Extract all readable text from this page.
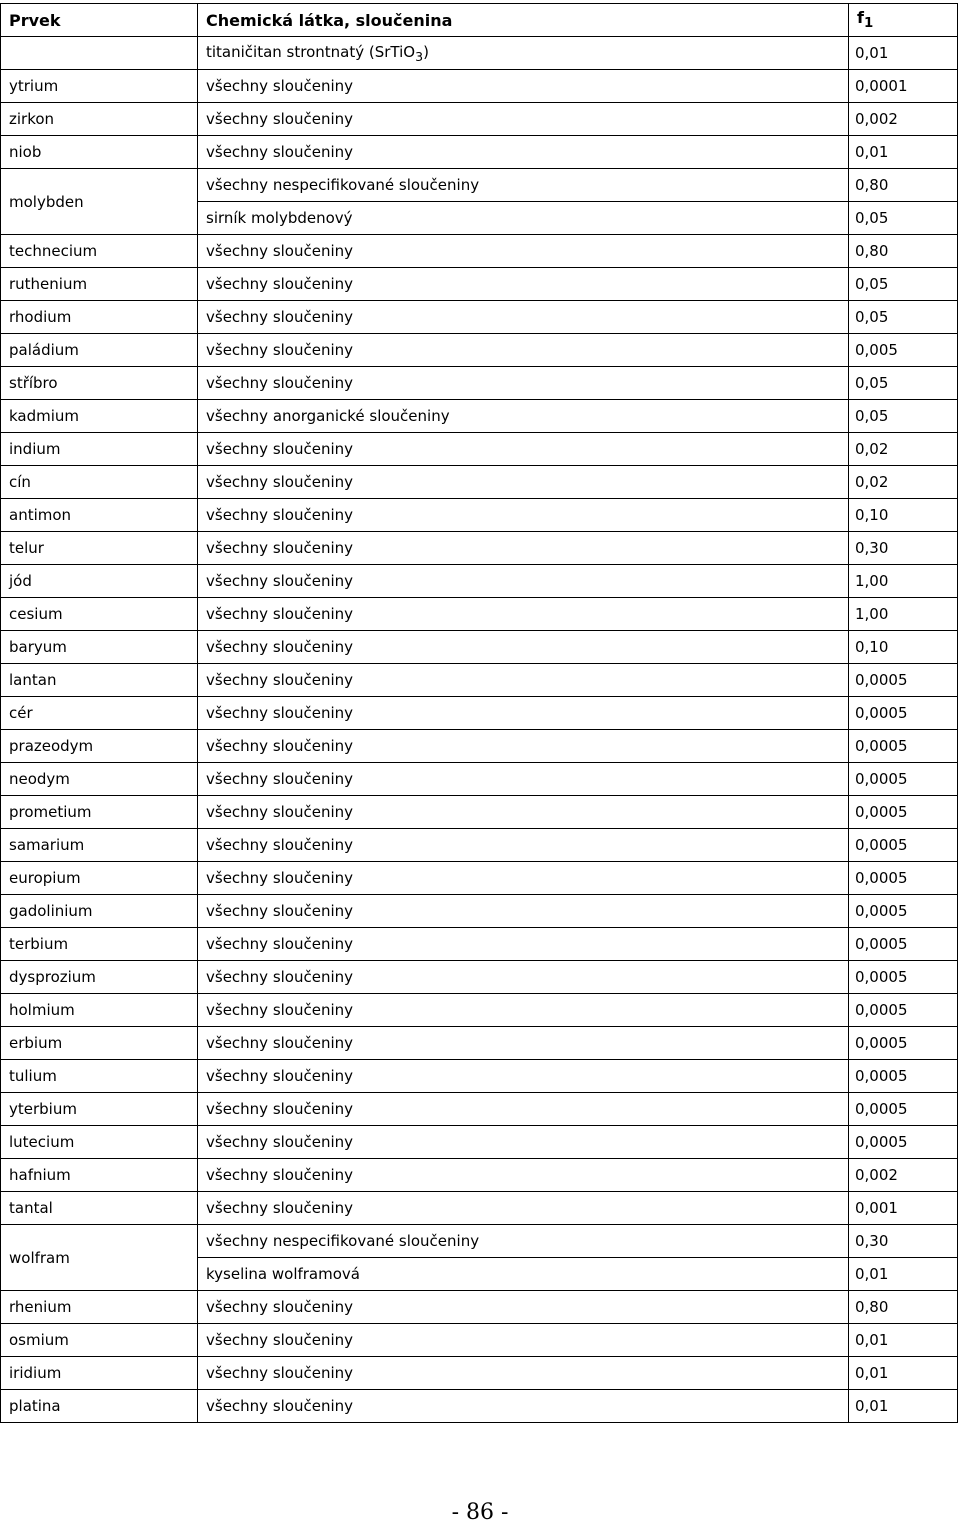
Prvek	Chemická látka, sloučenina	$f_1$
	titaničitan strontnatý (SrTiO$_3$)	0,01
ytrium	všechny sloučeniny	0,0001
zirkon	všechny sloučeniny	0,002
niob	všechny sloučeniny	0,01
molybden	všechny nespecifikované sloučeniny	0,80
	sirník molybdenový	0,05
technecium	všechny sloučeniny	0,80
ruthenium	všechny sloučeniny	0,05
rhodium	všechny sloučeniny	0,05
paládium	všechny sloučeniny	0,005
stříbro	všechny sloučeniny	0,05
kadmium	všechny anorganické sloučeniny	0,05
indium	všechny sloučeniny	0,02
cín	všechny sloučeniny	0,02
antimon	všechny sloučeniny	0,10
telur	všechny sloučeniny	0,30
jód	všechny sloučeniny	1,00
cesium	všechny sloučeniny	1,00
baryum	všechny sloučeniny	0,10
lantan	všechny sloučeniny	0,0005
cér	všechny sloučeniny	0,0005
prazeodym	všechny sloučeniny	0,0005
neodym	všechny sloučeniny	0,0005
prometium	všechny sloučeniny	0,0005
samarium	všechny sloučeniny	0,0005
europium	všechny sloučeniny	0,0005
gadolinium	všechny sloučeniny	0,0005
terbium	všechny sloučeniny	0,0005
dysprozium	všechny sloučeniny	0,0005
holmium	všechny sloučeniny	0,0005
erbium	všechny sloučeniny	0,0005
tulium	všechny sloučeniny	0,0005
yterbium	všechny sloučeniny	0,0005
lutecium	všechny sloučeniny	0,0005
hafnium	všechny sloučeniny	0,002
tantal	všechny sloučeniny	0,001
wolfram	všechny nespecifikované sloučeniny	0,30
	kyselina wolframová	0,01
rhenium	všechny sloučeniny	0,80
osmium	všechny sloučeniny	0,01
iridium	všechny sloučeniny	0,01
platina	všechny sloučeniny	0,01
- 86 -
